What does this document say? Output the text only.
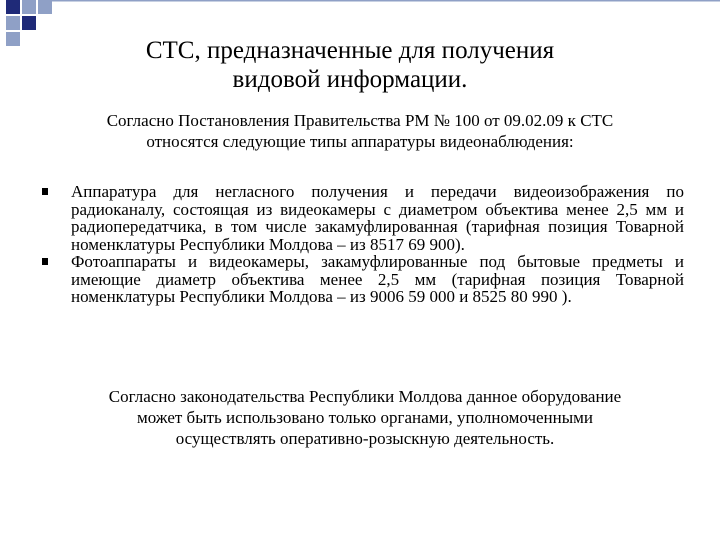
СТС, предназначенные для получения
видовой информации.

Согласно Постановления Правительства РМ № 100 от 09.02.09 к СТС
относятся следующие типы аппаратуры видеонаблюдения:

Аппаратура для негласного получения и передачи видеоизображения по радиоканалу, состоящая из видеокамеры с диаметром объектива менее 2,5 мм и радиопередатчика, в том числе закамуфлированная (тарифная позиция Товарной номенклатуры Республики Молдова – из 8517 69 900).
Фотоаппараты и видеокамеры, закамуфлированные под бытовые предметы и имеющие диаметр объектива менее 2,5 мм (тарифная позиция Товарной номенклатуры Республики Молдова – из 9006 59 000 и 8525 80 990 ).

Согласно законодательства Республики Молдова данное оборудование
может быть использовано только органами, уполномоченными
осуществлять оперативно-розыскную деятельность.
